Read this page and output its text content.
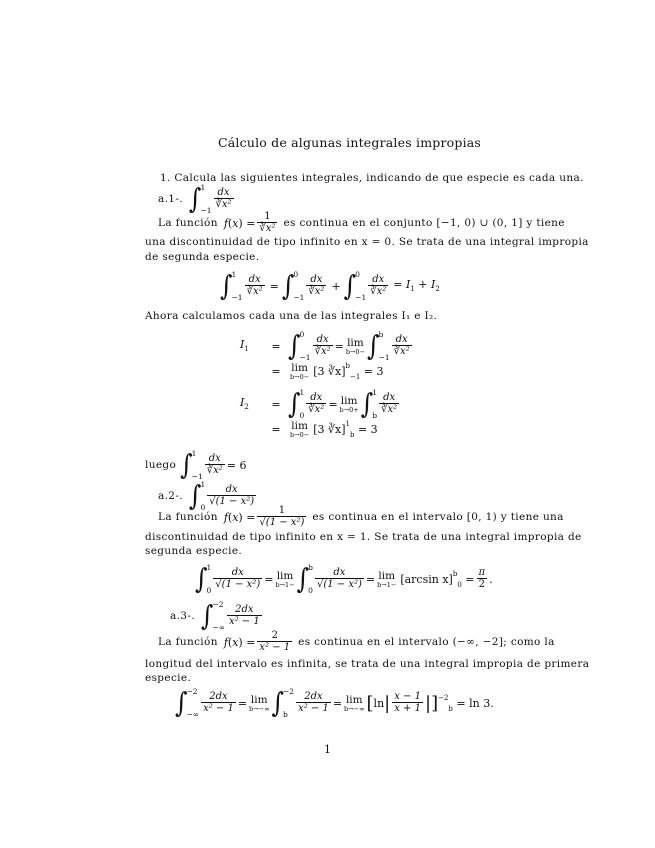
Cálculo de algunas integrales impropias
1. Calcula las siguientes integrales, indicando de que especie es cada una.
a.1-. ∫ 1
$-1 \frac{dx}{\text{∛x²}}$
La función $f(x) = \frac{1}{\text{∛x²}}$ es continua en el conjunto [−1, 0) ∪ (0, 1] y tiene
una discontinuidad de tipo infinito en x = 0. Se trata de una integral impropia
de segunda especie.
∫ 1
$-1 \frac{dx}{\text{∛x²}}$ = ∫ 0
$-1 \frac{dx}{\text{∛x²}}$ + ∫ 0
$-1 \frac{dx}{\text{∛x²}} = I_1 + I_2$
Ahora calculamos cada una de las integrales I₁ e I₂.
$I_1$	= ∫ 0
$-1 \frac{dx}{\text{∛x²}} = \lim$
b→0− ∫ b
$-1 \frac{dx}{\text{∛x²}}$
=	lim
b→0− [3 ∛x]$^b_{-1}$ = 3
$I_2$	= ∫ 1
$0 \frac{dx}{\text{∛x²}} = \lim$
b→0+ ∫ 1
b $\frac{dx}{\text{∛x²}}$
=	lim
b→0− [3 ∛x]$^1_b$ = 3
luego ∫ 1
$-1 \frac{dx}{\text{∛x²}} = 6$
a.2-. ∫ 1
$0 \frac{dx}{\text{√(1 − x²)}}$
La función $f(x) = \frac{1}{\text{√(1 − x²)}}$ es continua en el intervalo [0, 1) y tiene una
discontinuidad de tipo infinito en x = 1. Se trata de una integral impropia de
segunda especie.
∫ 1
$0 \frac{dx}{\text{√(1 − x²)}} = \lim$
b→1− ∫ b
$0 \frac{dx}{\text{√(1 − x²)}} = \lim$
b→1− [arcsin $x]^b_0 = \frac{\pi}{2}$ .
a.3-. ∫ −2
−∞ $\frac{2dx}{\text{x² − 1}}$
La función $f(x) = \frac{2}{\text{x² − 1}}$ es continua en el intervalo (−∞, −2]; como la
longitud del intervalo es infinita, se trata de una integral impropia de primera
especie.
∫ −2
−∞ $\frac{2dx}{\text{x² − 1}} = \lim$
b→−∞ ∫ −2
b $\frac{2dx}{\text{x² − 1}} = \lim$
b→−∞ [ ln | $\frac{x - 1}{x + 1}$ | ] $^{-2}_b$ = ln 3.
1
